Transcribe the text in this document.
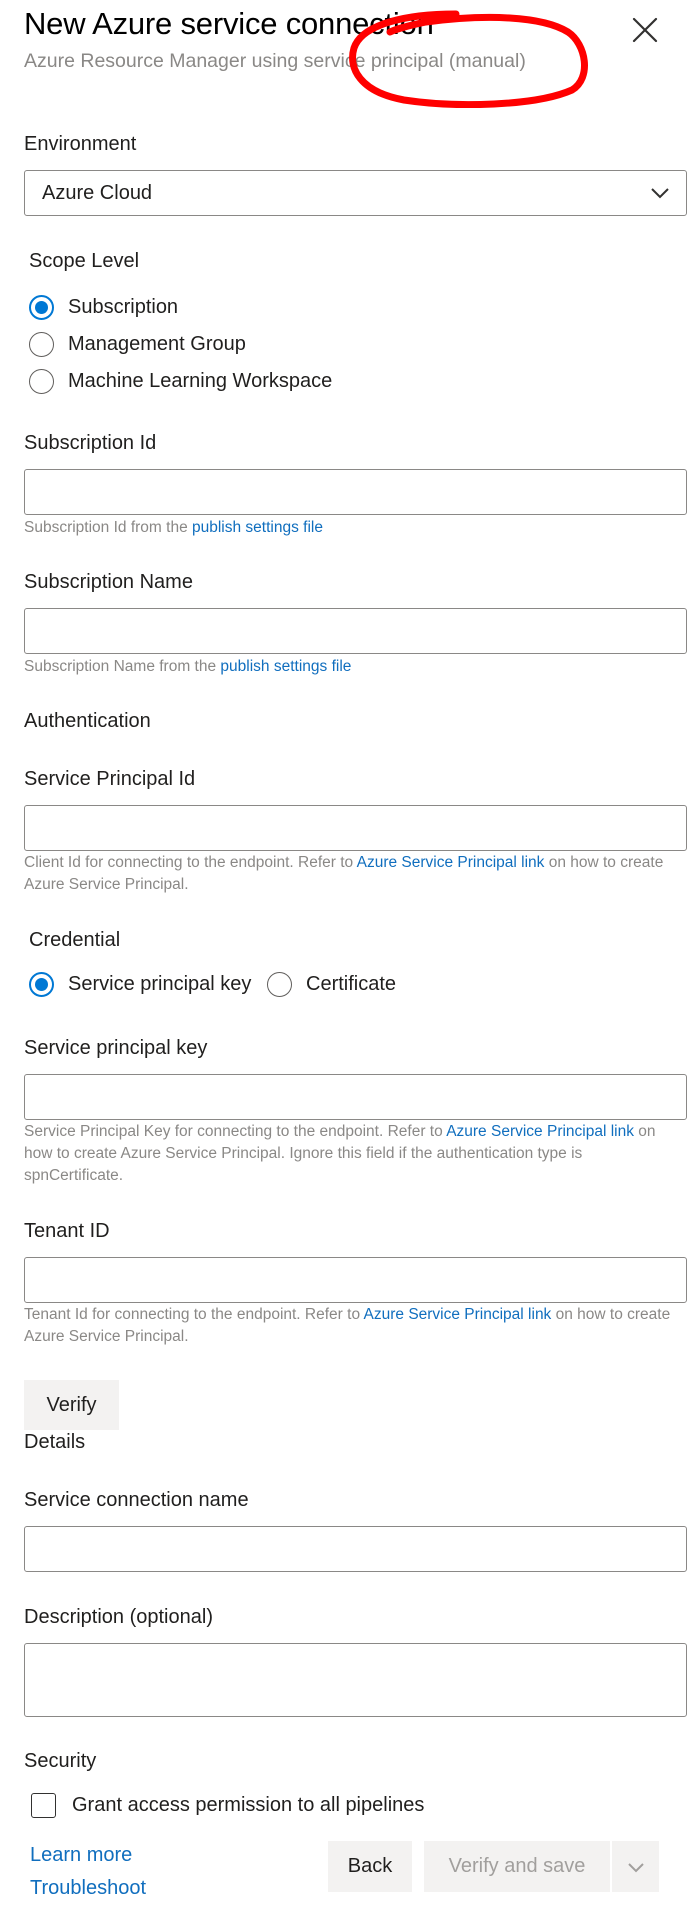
New Azure service connection
Azure Resource Manager using service principal (manual)
Environment
Azure Cloud
Scope Level
Subscription
Management Group
Machine Learning Workspace
Subscription Id
Subscription Id from the publish settings file
Subscription Name
Subscription Name from the publish settings file
Authentication
Service Principal Id
Client Id for connecting to the endpoint. Refer to Azure Service Principal link on how to create Azure Service Principal.
Credential
Service principal key	Certificate
Service principal key
Service Principal Key for connecting to the endpoint. Refer to Azure Service Principal link on how to create Azure Service Principal. Ignore this field if the authentication type is spnCertificate.
Tenant ID
Tenant Id for connecting to the endpoint. Refer to Azure Service Principal link on how to create Azure Service Principal.
Verify
Details
Service connection name
Description (optional)
Security
Grant access permission to all pipelines
Learn more
Troubleshoot
Back	Verify and save
